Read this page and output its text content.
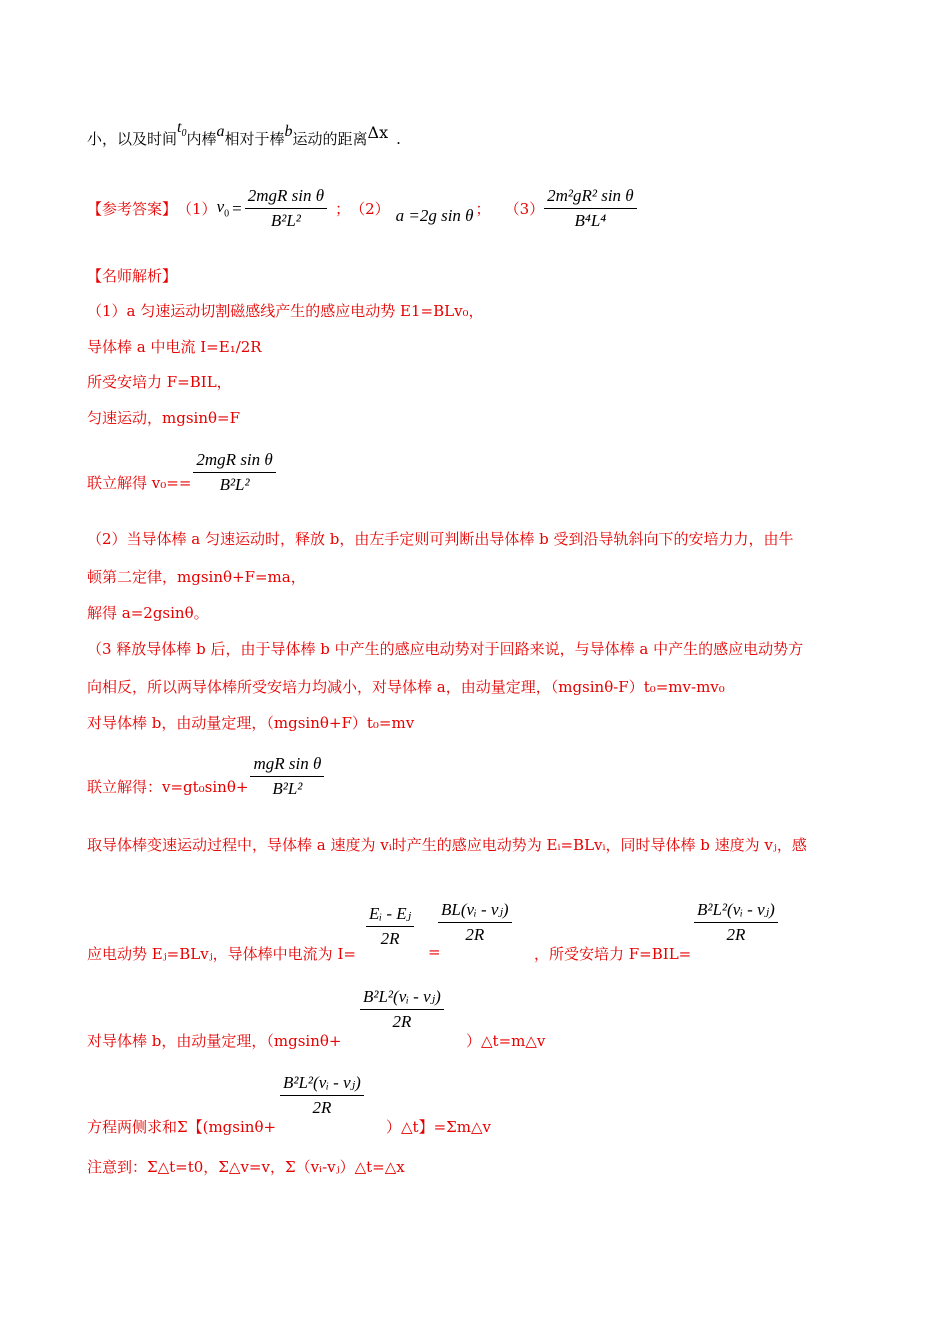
小，以及时间$t_0$内棒a相对于棒b运动的距离Δx .
【参考答案】 （1） $v_0 = \frac{\text{2mgR sin θ}}{\text{B²L²}}$ ； （2） a =2g sin θ ； $(3) \frac{\text{2m²gR² sin θ}}{\text{B⁴L⁴}}$
【名师解析】
（1）a 匀速运动切割磁感线产生的感应电动势 E1=BLv₀，
导体棒 a 中电流 I=E₁/2R
所受安培力 F=BIL，
匀速运动，mgsinθ=F
联立解得 $v_0== \frac{\text{2mgR sin θ}}{\text{B²L²}}$
（2）当导体棒 a 匀速运动时，释放 b，由左手定则可判断出导体棒 b 受到沿导轨斜向下的安培力力，由牛
顿第二定律，mgsinθ+F=ma，
解得 a=2gsinθ。
（3 释放导体棒 b 后，由于导体棒 b 中产生的感应电动势对于回路来说，与导体棒 a 中产生的感应电动势方
向相反，所以两导体棒所受安培力均减小，对导体棒 a，由动量定理，（mgsinθ-F）t₀=mv-mv₀
对导体棒 b，由动量定理，（mgsinθ+F）t₀=mv
联立解得：$v=gt_0\sin\theta+ \frac{\text{mgR sin θ}}{\text{B²L²}}$
取导体棒变速运动过程中，导体棒 a 速度为 vᵢ时产生的感应电动势为 Eᵢ=BLvᵢ，同时导体棒 b 速度为 vⱼ，感
应电动势 Eⱼ=BLvⱼ，导体棒中电流为 I=
$\frac{\text{Eᵢ - Eⱼ}}{2R}$
=
$\frac{\text{BL(vᵢ - vⱼ)}}{2R}$
，所受安培力 F=BIL=
$\frac{\text{B²L²(vᵢ - vⱼ)}}{2R}$
对导体棒 b，由动量定理，（mgsinθ+
$\frac{\text{B²L²(vᵢ - vⱼ)}}{2R}$
）△t=m△v
方程两侧求和Σ【(mgsinθ+
$\frac{\text{B²L²(vᵢ - vⱼ)}}{2R}$
）△t】=Σm△v
注意到：Σ△t=t0，Σ△v=v，Σ（vᵢ-vⱼ）△t=△x
